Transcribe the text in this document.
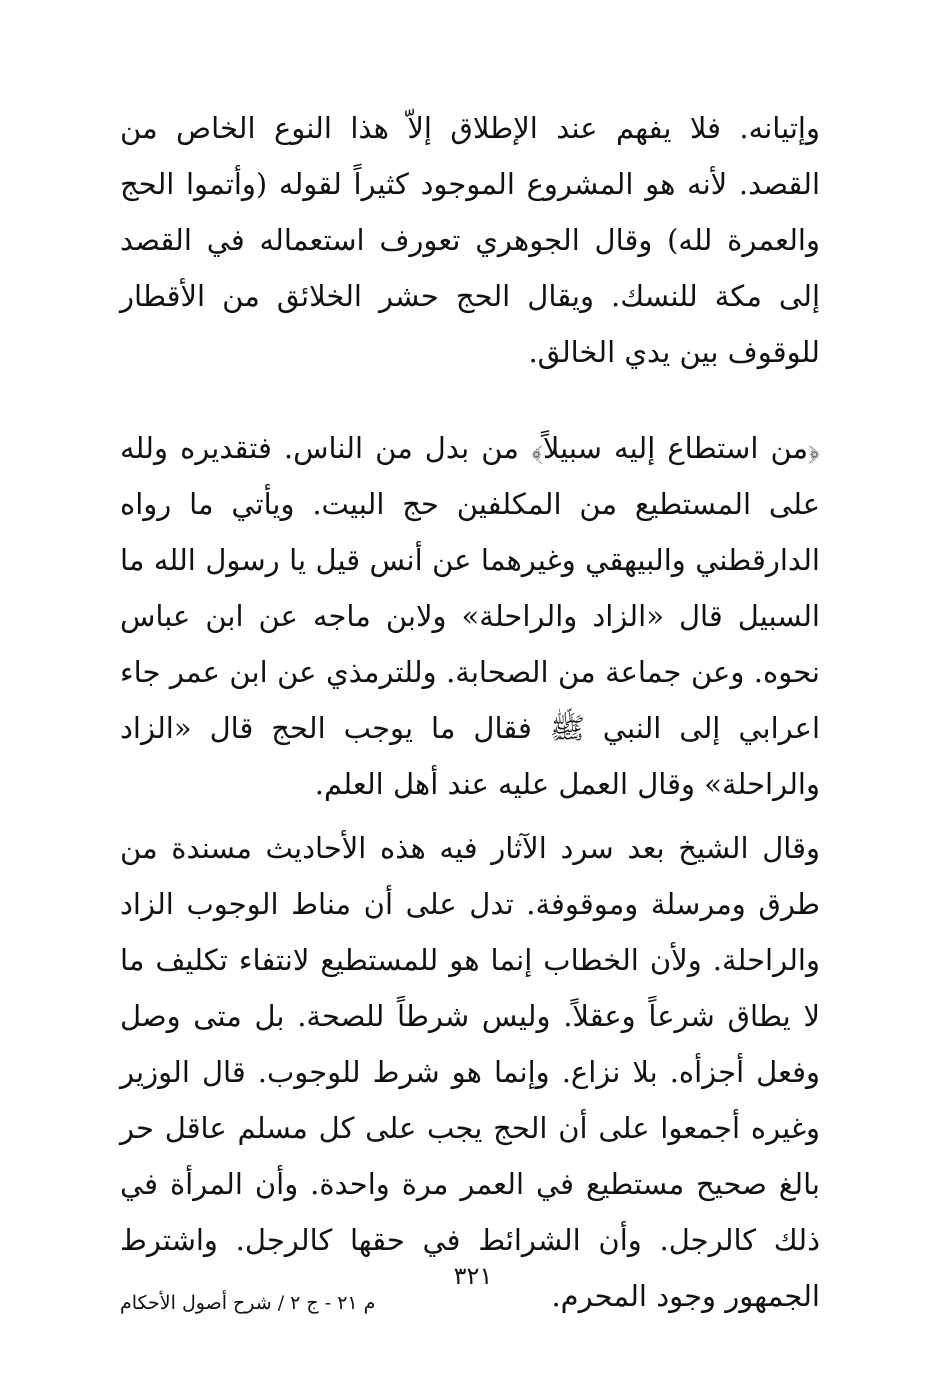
وإتيانه. فلا يفهم عند الإطلاق إلاّ هذا النوع الخاص من القصد. لأنه هو المشروع الموجود كثيراً لقوله (وأتموا الحج والعمرة لله) وقال الجوهري تعورف استعماله في القصد إلى مكة للنسك. ويقال الحج حشر الخلائق من الأقطار للوقوف بين يدي الخالق.

﴿من استطاع إليه سبيلاً﴾ من بدل من الناس. فتقديره ولله على المستطيع من المكلفين حج البيت. ويأتي ما رواه الدارقطني والبيهقي وغيرهما عن أنس قيل يا رسول الله ما السبيل قال «الزاد والراحلة» ولابن ماجه عن ابن عباس نحوه. وعن جماعة من الصحابة. وللترمذي عن ابن عمر جاء اعرابي إلى النبي ﷺ فقال ما يوجب الحج قال «الزاد والراحلة» وقال العمل عليه عند أهل العلم.

وقال الشيخ بعد سرد الآثار فيه هذه الأحاديث مسندة من طرق ومرسلة وموقوفة. تدل على أن مناط الوجوب الزاد والراحلة. ولأن الخطاب إنما هو للمستطيع لانتفاء تكليف ما لا يطاق شرعاً وعقلاً. وليس شرطاً للصحة. بل متى وصل وفعل أجزأه. بلا نزاع. وإنما هو شرط للوجوب. قال الوزير وغيره أجمعوا على أن الحج يجب على كل مسلم عاقل حر بالغ صحيح مستطيع في العمر مرة واحدة. وأن المرأة في ذلك كالرجل. وأن الشرائط في حقها كالرجل. واشترط الجمهور وجود المحرم.

٣٢١
م ٢١ - ج ٢ / شرح أصول الأحكام
